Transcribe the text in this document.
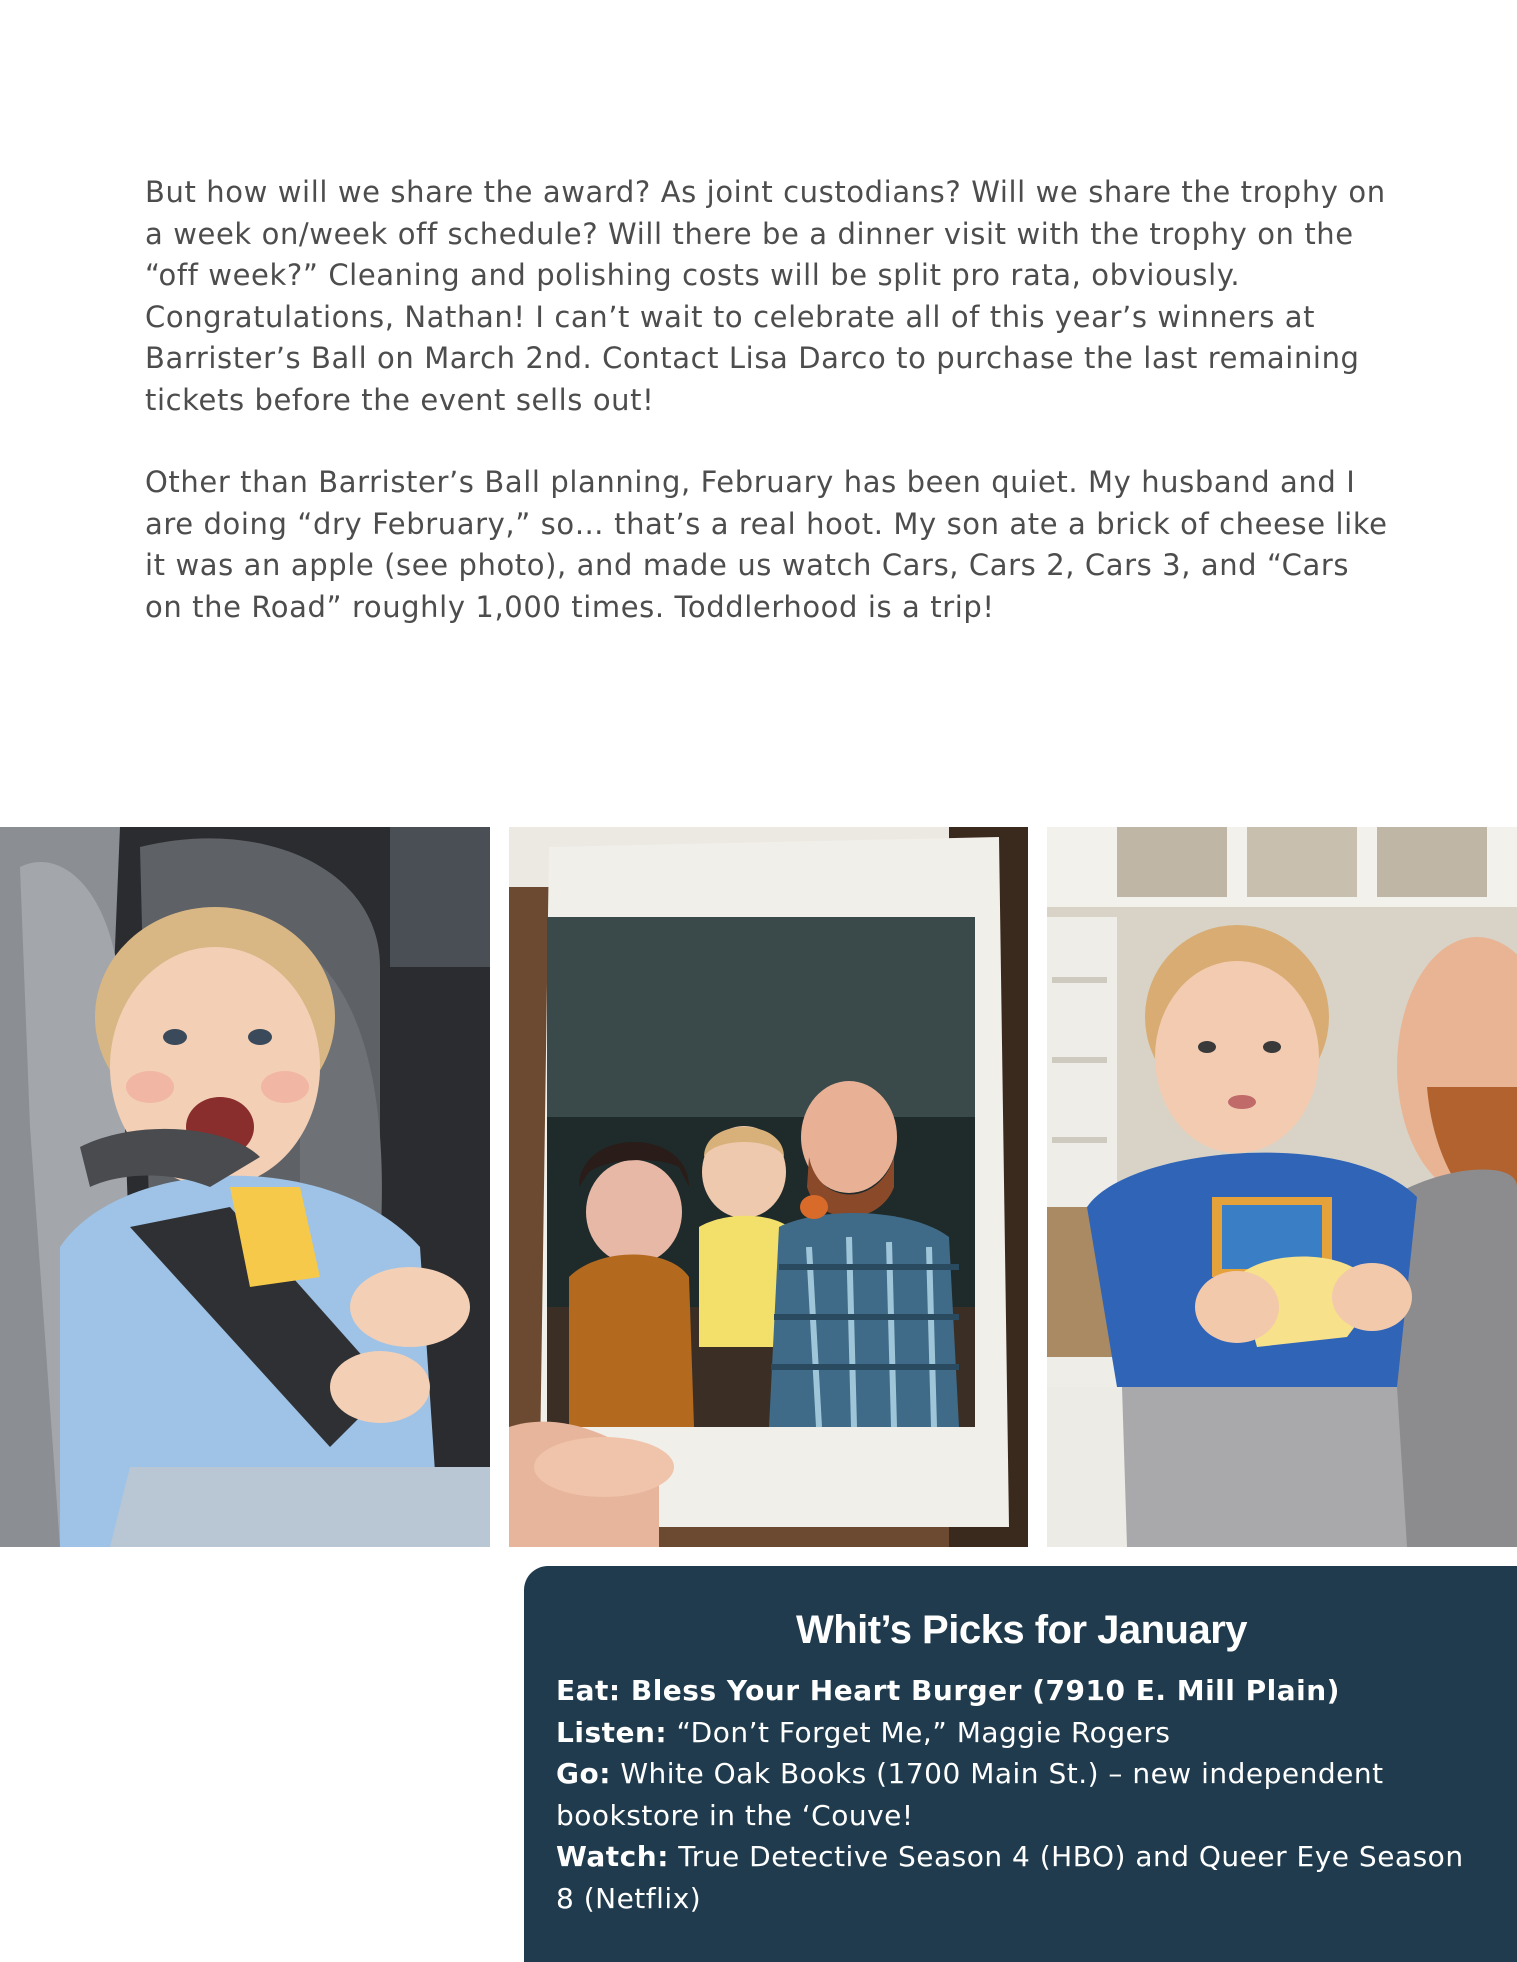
But how will we share the award? As joint custodians? Will we share the trophy on a week on/week off schedule? Will there be a dinner visit with the trophy on the “off week?” Cleaning and polishing costs will be split pro rata, obviously. Congratulations, Nathan! I can’t wait to celebrate all of this year’s winners at Barrister’s Ball on March 2nd. Contact Lisa Darco to purchase the last remaining tickets before the event sells out!

Other than Barrister’s Ball planning, February has been quiet. My husband and I are doing “dry February,” so… that’s a real hoot. My son ate a brick of cheese like it was an apple (see photo), and made us watch Cars, Cars 2, Cars 3, and “Cars on the Road” roughly 1,000 times. Toddlerhood is a trip!

Whit’s Picks for January
Eat: Bless Your Heart Burger (7910 E. Mill Plain)
Listen: “Don’t Forget Me,” Maggie Rogers
Go: White Oak Books (1700 Main St.) – new independent bookstore in the ‘Couve!
Watch: True Detective Season 4 (HBO) and Queer Eye Season 8 (Netflix)
